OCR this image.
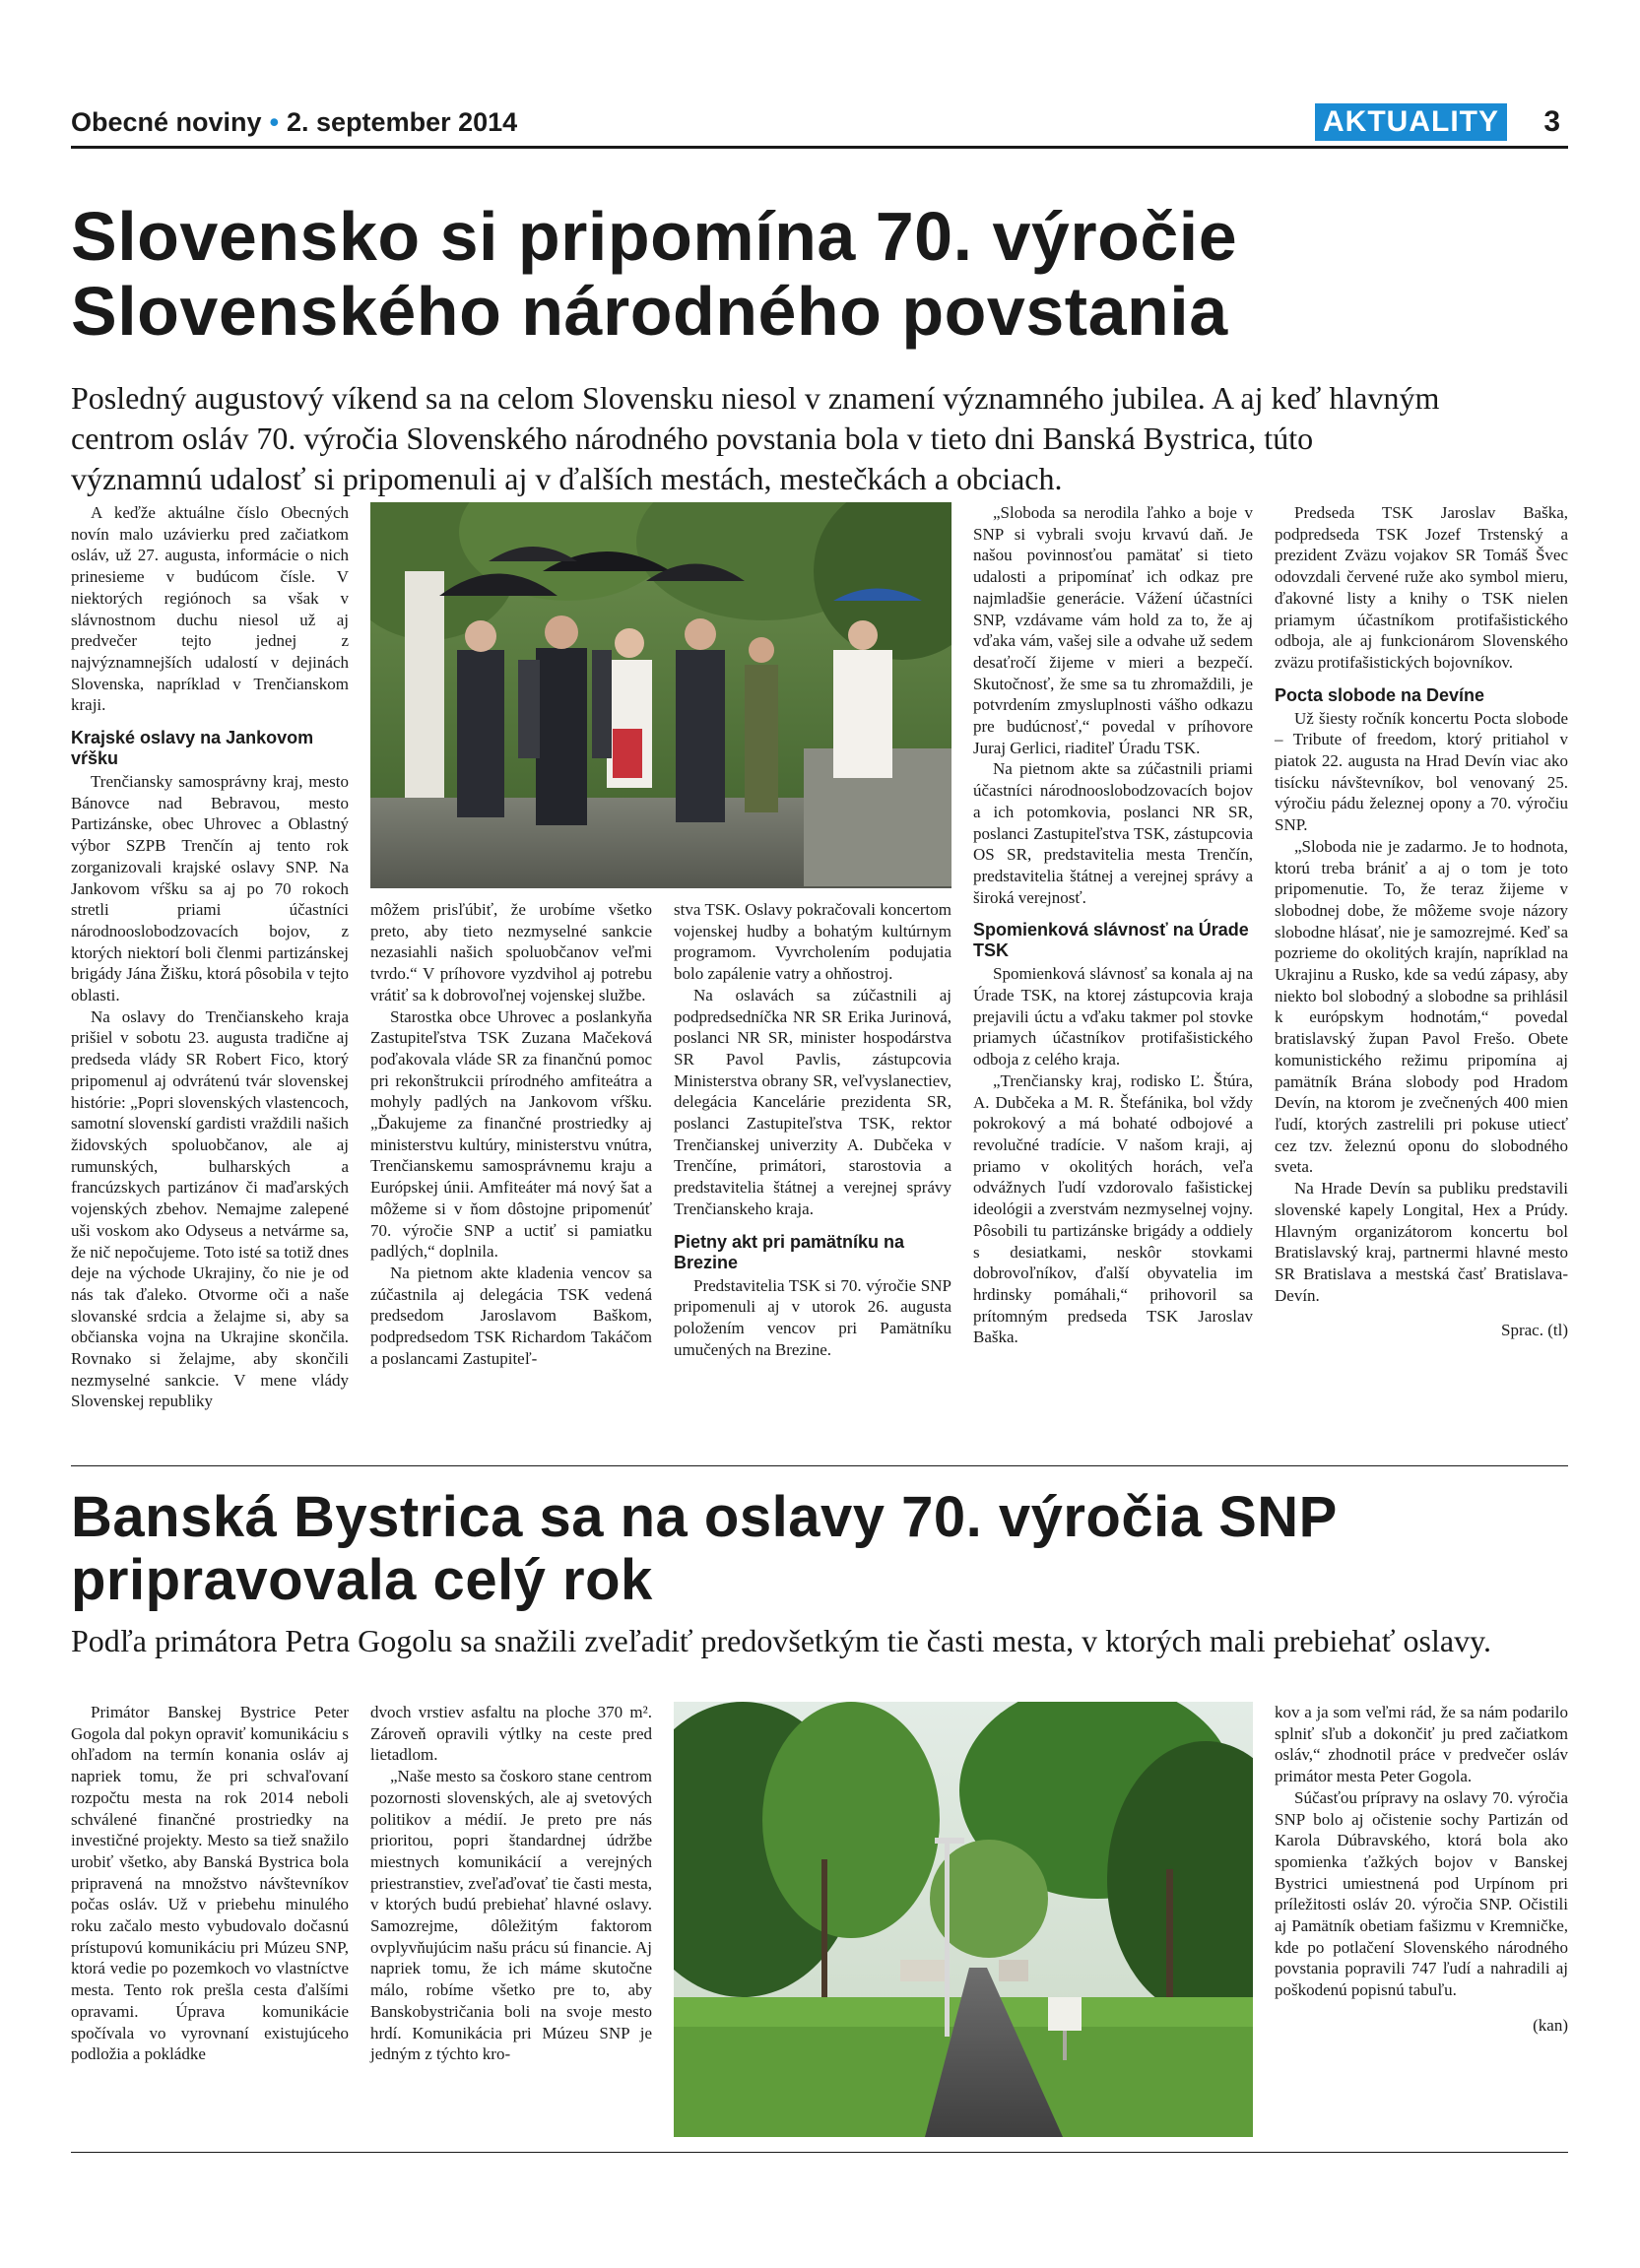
Obecné noviny • 2. september 2014	AKTUALITY 3
Slovensko si pripomína 70. výročie
Slovenského národného povstania
Posledný augustový víkend sa na celom Slovensku niesol v znamení významného jubilea. A aj keď hlavným
centrom osláv 70. výročia Slovenského národného povstania bola v tieto dni Banská Bystrica, túto
významnú udalosť si pripomenuli aj v ďalších mestách, mestečkách a obciach.

A keďže aktuálne číslo Obecných novín malo uzávierku pred začiatkom osláv, už 27. augusta, informácie o nich prinesieme v budúcom čísle. V niektorých regiónoch sa však v slávnostnom duchu niesol už aj predvečer tejto jednej z najvýznamnejších udalostí v dejinách Slovenska, napríklad v Trenčianskom kraji.

Krajské oslavy na Jankovom vŕšku

Trenčiansky samosprávny kraj, mesto Bánovce nad Bebravou, mesto Partizánske, obec Uhrovec a Oblastný výbor SZPB Trenčín aj tento rok zorganizovali krajské oslavy SNP. Na Jankovom vŕšku sa aj po 70 rokoch stretli priami účastníci národnooslobodzovacích bojov, z ktorých niektorí boli členmi partizánskej brigády Jána Žišku, ktorá pôsobila v tejto oblasti.

Na oslavy do Trenčianskeho kraja prišiel v sobotu 23. augusta tradične aj predseda vlády SR Robert Fico, ktorý pripomenul aj odvrátenú tvár slovenskej histórie: „Popri slovenských vlastencoch, samotní slovenskí gardisti vraždili našich židovských spoluobčanov, ale aj rumunských, bulharských a francúzskych partizánov či maďarských vojenských zbehov. Nemajme zalepené uši voskom ako Odyseus a netvárme sa, že nič nepočujeme. Toto isté sa totiž dnes deje na východe Ukrajiny, čo nie je od nás tak ďaleko. Otvorme oči a naše slovanské srdcia a želajme si, aby sa občianska vojna na Ukrajine skončila. Rovnako si želajme, aby skončili nezmyselné sankcie. V mene vlády Slovenskej republiky

môžem prisľúbiť, že urobíme všetko preto, aby tieto nezmyselné sankcie nezasiahli našich spoluobčanov veľmi tvrdo.“ V príhovore vyzdvihol aj potrebu vrátiť sa k dobrovoľnej vojenskej službe.

Starostka obce Uhrovec a poslankyňa Zastupiteľstva TSK Zuzana Mačeková poďakovala vláde SR za finančnú pomoc pri rekonštrukcii prírodného amfiteátra a mohyly padlých na Jankovom vŕšku. „Ďakujeme za finančné prostriedky aj ministerstvu kultúry, ministerstvu vnútra, Trenčianskemu samosprávnemu kraju a Európskej únii. Amfiteáter má nový šat a môžeme si v ňom dôstojne pripomenúť 70. výročie SNP a uctiť si pamiatku padlých,“ doplnila.

Na pietnom akte kladenia vencov sa zúčastnila aj delegácia TSK vedená predsedom Jaroslavom Baškom, podpredsedom TSK Richardom Takáčom a poslancami Zastupiteľ-

stva TSK. Oslavy pokračovali koncertom vojenskej hudby a bohatým kultúrnym programom. Vyvrcholením podujatia bolo zapálenie vatry a ohňostroj.

Na oslavách sa zúčastnili aj podpredsedníčka NR SR Erika Jurinová, poslanci NR SR, minister hospodárstva SR Pavol Pavlis, zástupcovia Ministerstva obrany SR, veľvyslanectiev, delegácia Kancelárie prezidenta SR, poslanci Zastupiteľstva TSK, rektor Trenčianskej univerzity A. Dubčeka v Trenčíne, primátori, starostovia a predstavitelia štátnej a verejnej správy Trenčianskeho kraja.

Pietny akt pri pamätníku na Brezine

Predstavitelia TSK si 70. výročie SNP pripomenuli aj v utorok 26. augusta položením vencov pri Pamätníku umučených na Brezine.

„Sloboda sa nerodila ľahko a boje v SNP si vybrali svoju krvavú daň. Je našou povinnosťou pamätať si tieto udalosti a pripomínať ich odkaz pre najmladšie generácie. Vážení účastníci SNP, vzdávame vám hold za to, že aj vďaka vám, vašej sile a odvahe už sedem desaťročí žijeme v mieri a bezpečí. Skutočnosť, že sme sa tu zhromaždili, je potvrdením zmysluplnosti vášho odkazu pre budúcnosť,“ povedal v príhovore Juraj Gerlici, riaditeľ Úradu TSK.

Na pietnom akte sa zúčastnili priami účastníci národnooslobodzovacích bojov a ich potomkovia, poslanci NR SR, poslanci Zastupiteľstva TSK, zástupcovia OS SR, predstavitelia mesta Trenčín, predstavitelia štátnej a verejnej správy a široká verejnosť.

Spomienková slávnosť na Úrade TSK

Spomienková slávnosť sa konala aj na Úrade TSK, na ktorej zástupcovia kraja prejavili úctu a vďaku takmer pol stovke priamych účastníkov protifašistického odboja z celého kraja.

„Trenčiansky kraj, rodisko Ľ. Štúra, A. Dubčeka a M. R. Štefánika, bol vždy pokrokový a má bohaté odbojové a revolučné tradície. V našom kraji, aj priamo v okolitých horách, veľa odvážnych ľudí vzdorovalo fašistickej ideológii a zverstvám nezmyselnej vojny. Pôsobili tu partizánske brigády a oddiely s desiatkami, neskôr stovkami dobrovoľníkov, ďalší obyvatelia im hrdinsky pomáhali,“ prihovoril sa prítomným predseda TSK Jaroslav Baška.

Predseda TSK Jaroslav Baška, podpredseda TSK Jozef Trstenský a prezident Zväzu vojakov SR Tomáš Švec odovzdali červené ruže ako symbol mieru, ďakovné listy a knihy o TSK nielen priamym účastníkom protifašistického odboja, ale aj funkcionárom Slovenského zväzu protifašistických bojovníkov.

Pocta slobode na Devíne

Už šiesty ročník koncertu Pocta slobode – Tribute of freedom, ktorý pritiahol v piatok 22. augusta na Hrad Devín viac ako tisícku návštevníkov, bol venovaný 25. výročiu pádu železnej opony a 70. výročiu SNP.

„Sloboda nie je zadarmo. Je to hodnota, ktorú treba brániť a aj o tom je toto pripomenutie. To, že teraz žijeme v slobodnej dobe, že môžeme svoje názory slobodne hlásať, nie je samozrejmé. Keď sa pozrieme do okolitých krajín, napríklad na Ukrajinu a Rusko, kde sa vedú zápasy, aby niekto bol slobodný a slobodne sa prihlásil k európskym hodnotám,“ povedal bratislavský župan Pavol Frešo. Obete komunistického režimu pripomína aj pamätník Brána slobody pod Hradom Devín, na ktorom je zvečnených 400 mien ľudí, ktorých zastrelili pri pokuse utiecť cez tzv. železnú oponu do slobodného sveta.

Na Hrade Devín sa publiku predstavili slovenské kapely Longital, Hex a Prúdy. Hlavným organizátorom koncertu bol Bratislavský kraj, partnermi hlavné mesto SR Bratislava a mestská časť Bratislava-Devín.

Sprac. (tl)

Banská Bystrica sa na oslavy 70. výročia SNP
pripravovala celý rok
Podľa primátora Petra Gogolu sa snažili zveľadiť predovšetkým tie časti mesta, v ktorých mali prebiehať oslavy.

Primátor Banskej Bystrice Peter Gogola dal pokyn opraviť komunikáciu s ohľadom na termín konania osláv aj napriek tomu, že pri schvaľovaní rozpočtu mesta na rok 2014 neboli schválené finančné prostriedky na investičné projekty. Mesto sa tiež snažilo urobiť všetko, aby Banská Bystrica bola pripravená na množstvo návštevníkov počas osláv. Už v priebehu minulého roku začalo mesto vybudovalo dočasnú prístupovú komunikáciu pri Múzeu SNP, ktorá vedie po pozemkoch vo vlastníctve mesta. Tento rok prešla cesta ďalšími opravami. Úprava komunikácie spočívala vo vyrovnaní existujúceho podložia a pokládke

dvoch vrstiev asfaltu na ploche 370 m². Zároveň opravili výtlky na ceste pred lietadlom.

„Naše mesto sa čoskoro stane centrom pozornosti slovenských, ale aj svetových politikov a médií. Je preto pre nás prioritou, popri štandardnej údržbe miestnych komunikácií a verejných priestranstiev, zveľaďovať tie časti mesta, v ktorých budú prebiehať hlavné oslavy. Samozrejme, dôležitým faktorom ovplyvňujúcim našu prácu sú financie. Aj napriek tomu, že ich máme skutočne málo, robíme všetko pre to, aby Banskobystričania boli na svoje mesto hrdí. Komunikácia pri Múzeu SNP je jedným z týchto kro-

kov a ja som veľmi rád, že sa nám podarilo splniť sľub a dokončiť ju pred začiatkom osláv,“ zhodnotil práce v predvečer osláv primátor mesta Peter Gogola.

Súčasťou prípravy na oslavy 70. výročia SNP bolo aj očistenie sochy Partizán od Karola Dúbravského, ktorá bola ako spomienka ťažkých bojov v Banskej Bystrici umiestnená pod Urpínom pri príležitosti osláv 20. výročia SNP. Očistili aj Pamätník obetiam fašizmu v Kremničke, kde po potlačení Slovenského národného povstania popravili 747 ľudí a nahradili aj poškodenú popisnú tabuľu.

(kan)
